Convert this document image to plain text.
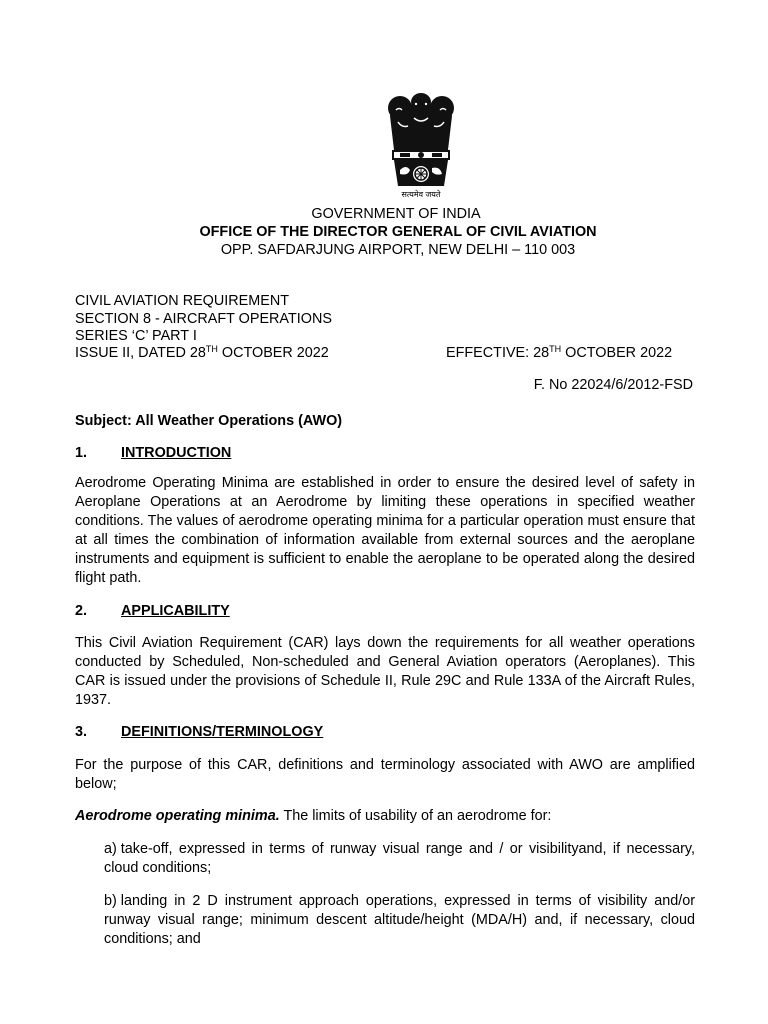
सत्यमेव जयते
GOVERNMENT OF INDIA
OFFICE OF THE DIRECTOR GENERAL OF CIVIL AVIATION
OPP. SAFDARJUNG AIRPORT, NEW DELHI – 110 003
CIVIL AVIATION REQUIREMENT
SECTION 8 - AIRCRAFT OPERATIONS
SERIES ‘C’ PART I
ISSUE II, DATED 28TH OCTOBER 2022	EFFECTIVE: 28TH OCTOBER 2022
F. No 22024/6/2012-FSD
Subject: All Weather Operations (AWO)
1. INTRODUCTION
Aerodrome Operating Minima are established in order to ensure the desired level of safety in Aeroplane Operations at an Aerodrome by limiting these operations in specified weather conditions. The values of aerodrome operating minima for a particular operation must ensure that at all times the combination of information available from external sources and the aeroplane instruments and equipment is sufficient to enable the aeroplane to be operated along the desired flight path.
2. APPLICABILITY
This Civil Aviation Requirement (CAR) lays down the requirements for all weather operations conducted by Scheduled, Non-scheduled and General Aviation operators (Aeroplanes). This CAR is issued under the provisions of Schedule II, Rule 29C and Rule 133A of the Aircraft Rules, 1937.
3. DEFINITIONS/TERMINOLOGY
For the purpose of this CAR, definitions and terminology associated with AWO are amplified below;
Aerodrome operating minima. The limits of usability of an aerodrome for:
a) take-off, expressed in terms of runway visual range and / or visibilityand, if necessary, cloud conditions;
b) landing in 2 D instrument approach operations, expressed in terms of visibility and/or runway visual range; minimum descent altitude/height (MDA/H) and, if necessary, cloud conditions; and
